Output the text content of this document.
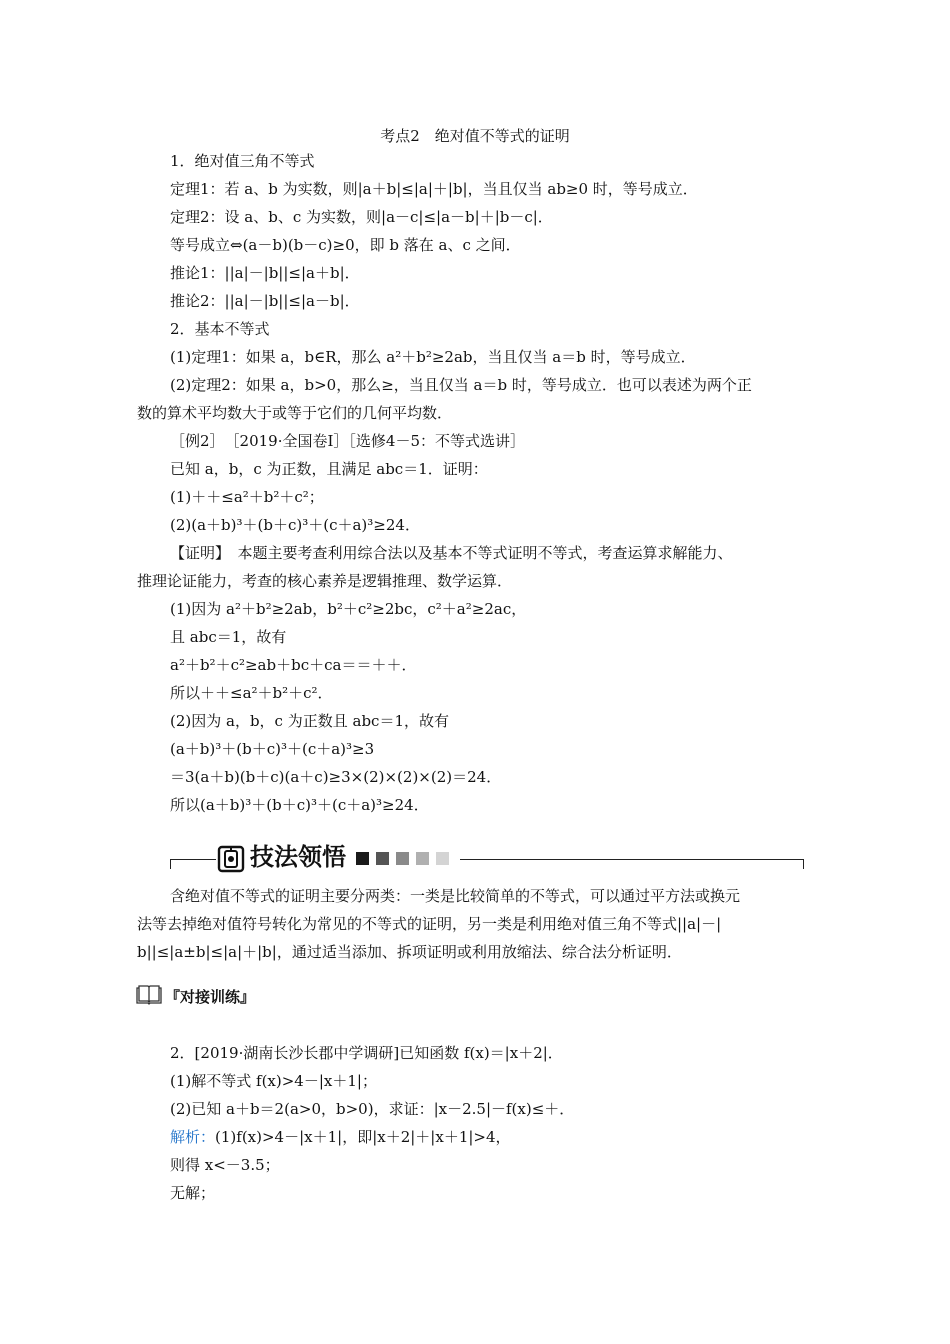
考点2　绝对值不等式的证明
1．绝对值三角不等式
定理1：若 a、b 为实数，则|a＋b|≤|a|＋|b|，当且仅当 ab≥0 时，等号成立．
定理2：设 a、b、c 为实数，则|a－c|≤|a－b|＋|b－c|．
等号成立⇔(a－b)(b－c)≥0，即 b 落在 a、c 之间．
推论1：||a|－|b||≤|a＋b|．
推论2：||a|－|b||≤|a－b|．
2．基本不等式
(1)定理1：如果 a，b∈R，那么 a²＋b²≥2ab，当且仅当 a＝b 时，等号成立．
(2)定理2：如果 a，b>0，那么≥，当且仅当 a＝b 时，等号成立．也可以表述为两个正
数的算术平均数大于或等于它们的几何平均数．
［例2］　［2019·全国卷Ⅰ］［选修4－5：不等式选讲］
已知 a，b，c 为正数，且满足 abc＝1．证明：
(1)＋＋≤a²＋b²＋c²；
(2)(a＋b)³＋(b＋c)³＋(c＋a)³≥24．
【证明】　本题主要考查利用综合法以及基本不等式证明不等式，考查运算求解能力、
推理论证能力，考查的核心素养是逻辑推理、数学运算．
(1)因为 a²＋b²≥2ab，b²＋c²≥2bc，c²＋a²≥2ac，
且 abc＝1，故有
a²＋b²＋c²≥ab＋bc＋ca＝＝＋＋．
所以＋＋≤a²＋b²＋c²．
(2)因为 a，b，c 为正数且 abc＝1，故有
(a＋b)³＋(b＋c)³＋(c＋a)³≥3
＝3(a＋b)(b＋c)(a＋c)≥3×(2)×(2)×(2)＝24．
所以(a＋b)³＋(b＋c)³＋(c＋a)³≥24．
技法领悟
含绝对值不等式的证明主要分两类：一类是比较简单的不等式，可以通过平方法或换元
法等去掉绝对值符号转化为常见的不等式的证明，另一类是利用绝对值三角不等式||a|－|
b||≤|a±b|≤|a|＋|b|，通过适当添加、拆项证明或利用放缩法、综合法分析证明．
『对接训练』
2．[2019·湖南长沙长郡中学调研]已知函数 f(x)＝|x＋2|．
(1)解不等式 f(x)>4－|x＋1|；
(2)已知 a＋b＝2(a>0，b>0)，求证：|x－2.5|－f(x)≤＋．
解析：(1)f(x)>4－|x＋1|，即|x＋2|＋|x＋1|>4，
则得 x<－3.5；
无解；
